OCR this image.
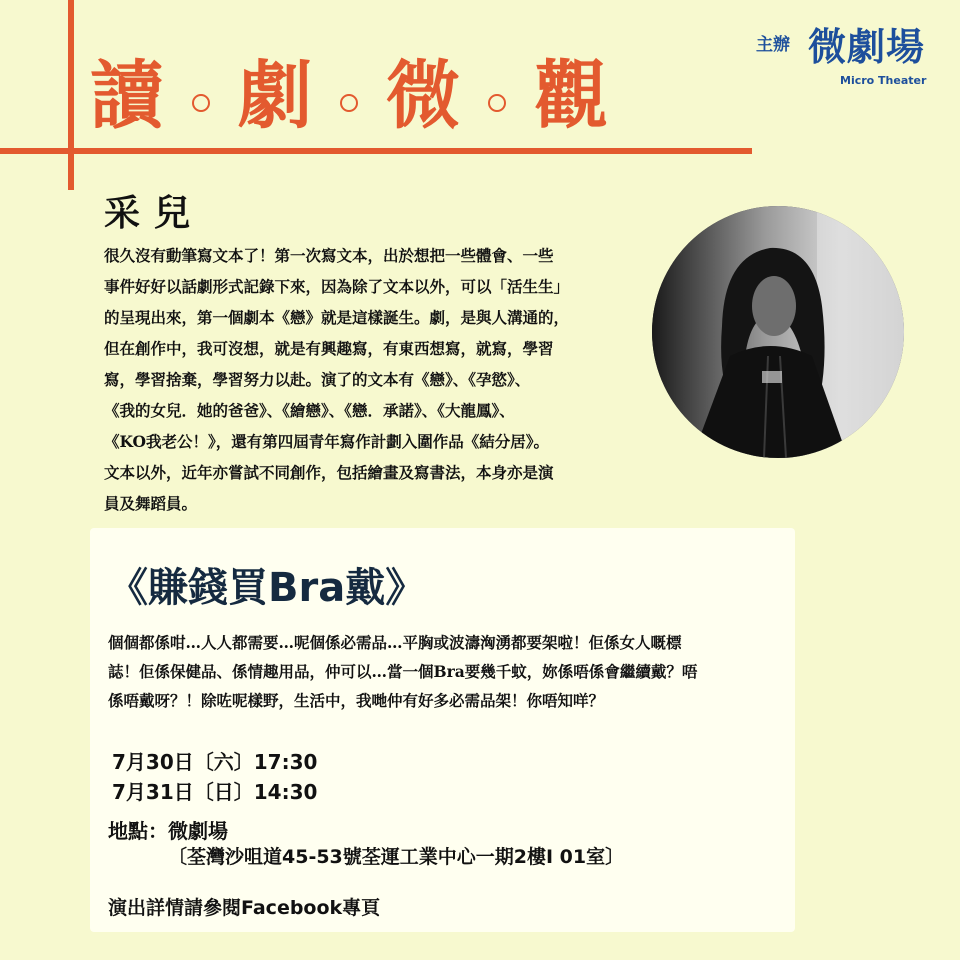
讀 劇 微 觀
主辦 微劇場
Micro Theater
采兒
很久沒有動筆寫文本了！第一次寫文本，出於想把一些體會、一些
事件好好以話劇形式記錄下來，因為除了文本以外，可以「活生生」
的呈現出來，第一個劇本《戀》就是這樣誕生。劇，是與人溝通的，
但在創作中，我可沒想，就是有興趣寫，有東西想寫，就寫，學習
寫，學習捨棄，學習努力以赴。演了的文本有《戀》、《孕慾》、
《我的女兒．她的爸爸》、《繪戀》、《戀．承諾》、《大龍鳳》、
《KO我老公！》，還有第四屆青年寫作計劃入圍作品《結分居》。
文本以外，近年亦嘗試不同創作，包括繪畫及寫書法，本身亦是演
員及舞蹈員。
《賺錢買Bra戴》
個個都係咁…人人都需要…呢個係必需品…平胸或波濤洶湧都要架啦！佢係女人嘅標
誌！佢係保健品、係情趣用品，仲可以…當一個Bra要幾千蚊，妳係唔係會繼續戴？唔
係唔戴呀？！除咗呢樣野，生活中，我哋仲有好多必需品架！你唔知咩？
7月30日〔六〕17:30
7月31日〔日〕14:30
地點：微劇場
〔荃灣沙咀道45-53號荃運工業中心一期2樓I 01室〕
演出詳情請參閱Facebook專頁
